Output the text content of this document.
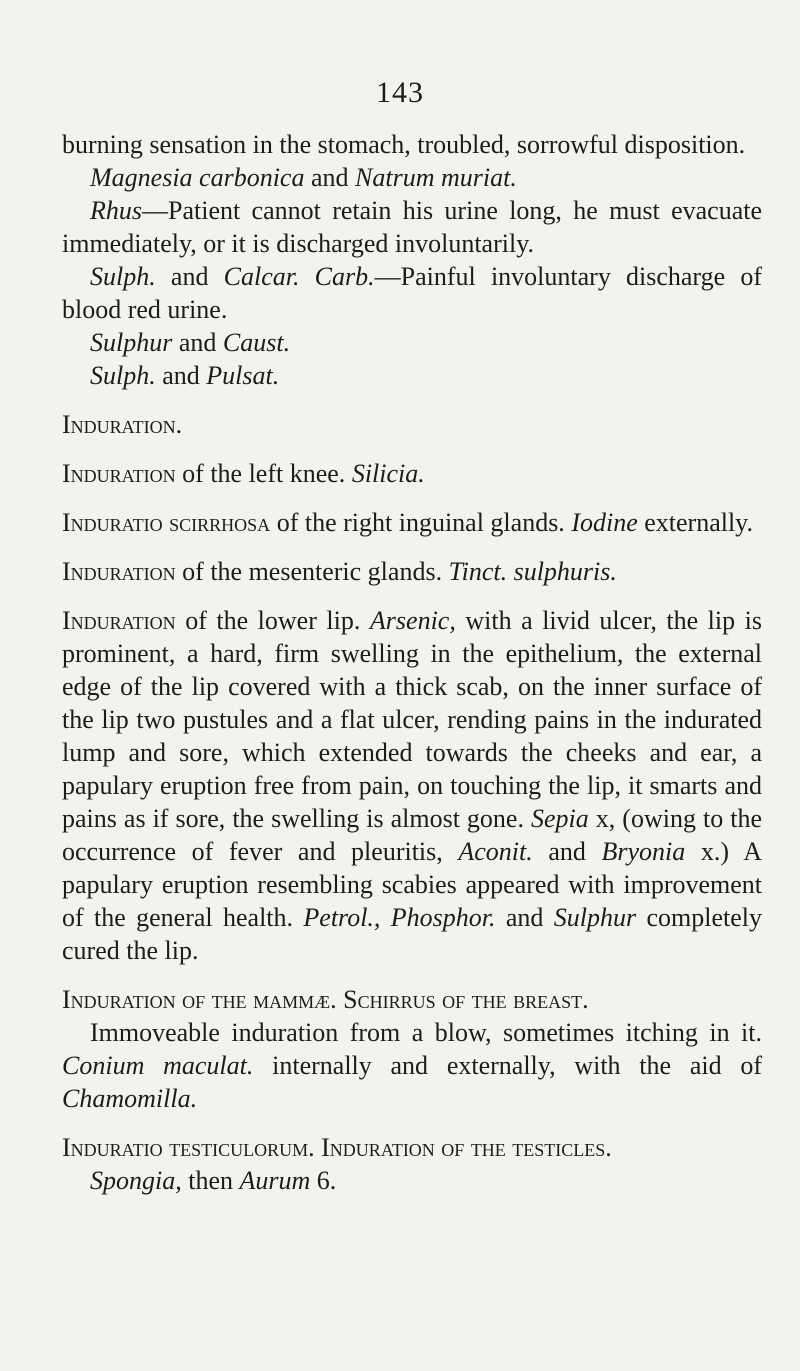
143

burning sensation in the stomach, troubled, sorrowful disposition.

Magnesia carbonica and Natrum muriat.

Rhus—Patient cannot retain his urine long, he must evacuate immediately, or it is discharged involuntarily.

Sulph. and Calcar. Carb.—Painful involuntary discharge of blood red urine.

Sulphur and Caust.

Sulph. and Pulsat.

Induration.

Induration of the left knee. Silicia.

Induratio scirrhosa of the right inguinal glands. Iodine externally.

Induration of the mesenteric glands. Tinct. sulphuris.

Induration of the lower lip. Arsenic, with a livid ulcer, the lip is prominent, a hard, firm swelling in the epithelium, the external edge of the lip covered with a thick scab, on the inner surface of the lip two pustules and a flat ulcer, rending pains in the indurated lump and sore, which extended towards the cheeks and ear, a papulary eruption free from pain, on touching the lip, it smarts and pains as if sore, the swelling is almost gone. Sepia x, (owing to the occurrence of fever and pleuritis, Aconit. and Bryonia x.) A papulary eruption resembling scabies appeared with improvement of the general health. Petrol., Phosphor. and Sulphur completely cured the lip.

Induration of the mammæ. Schirrus of the breast.

Immoveable induration from a blow, sometimes itching in it. Conium maculat. internally and externally, with the aid of Chamomilla.

Induratio testiculorum. Induration of the testicles.

Spongia, then Aurum 6.
